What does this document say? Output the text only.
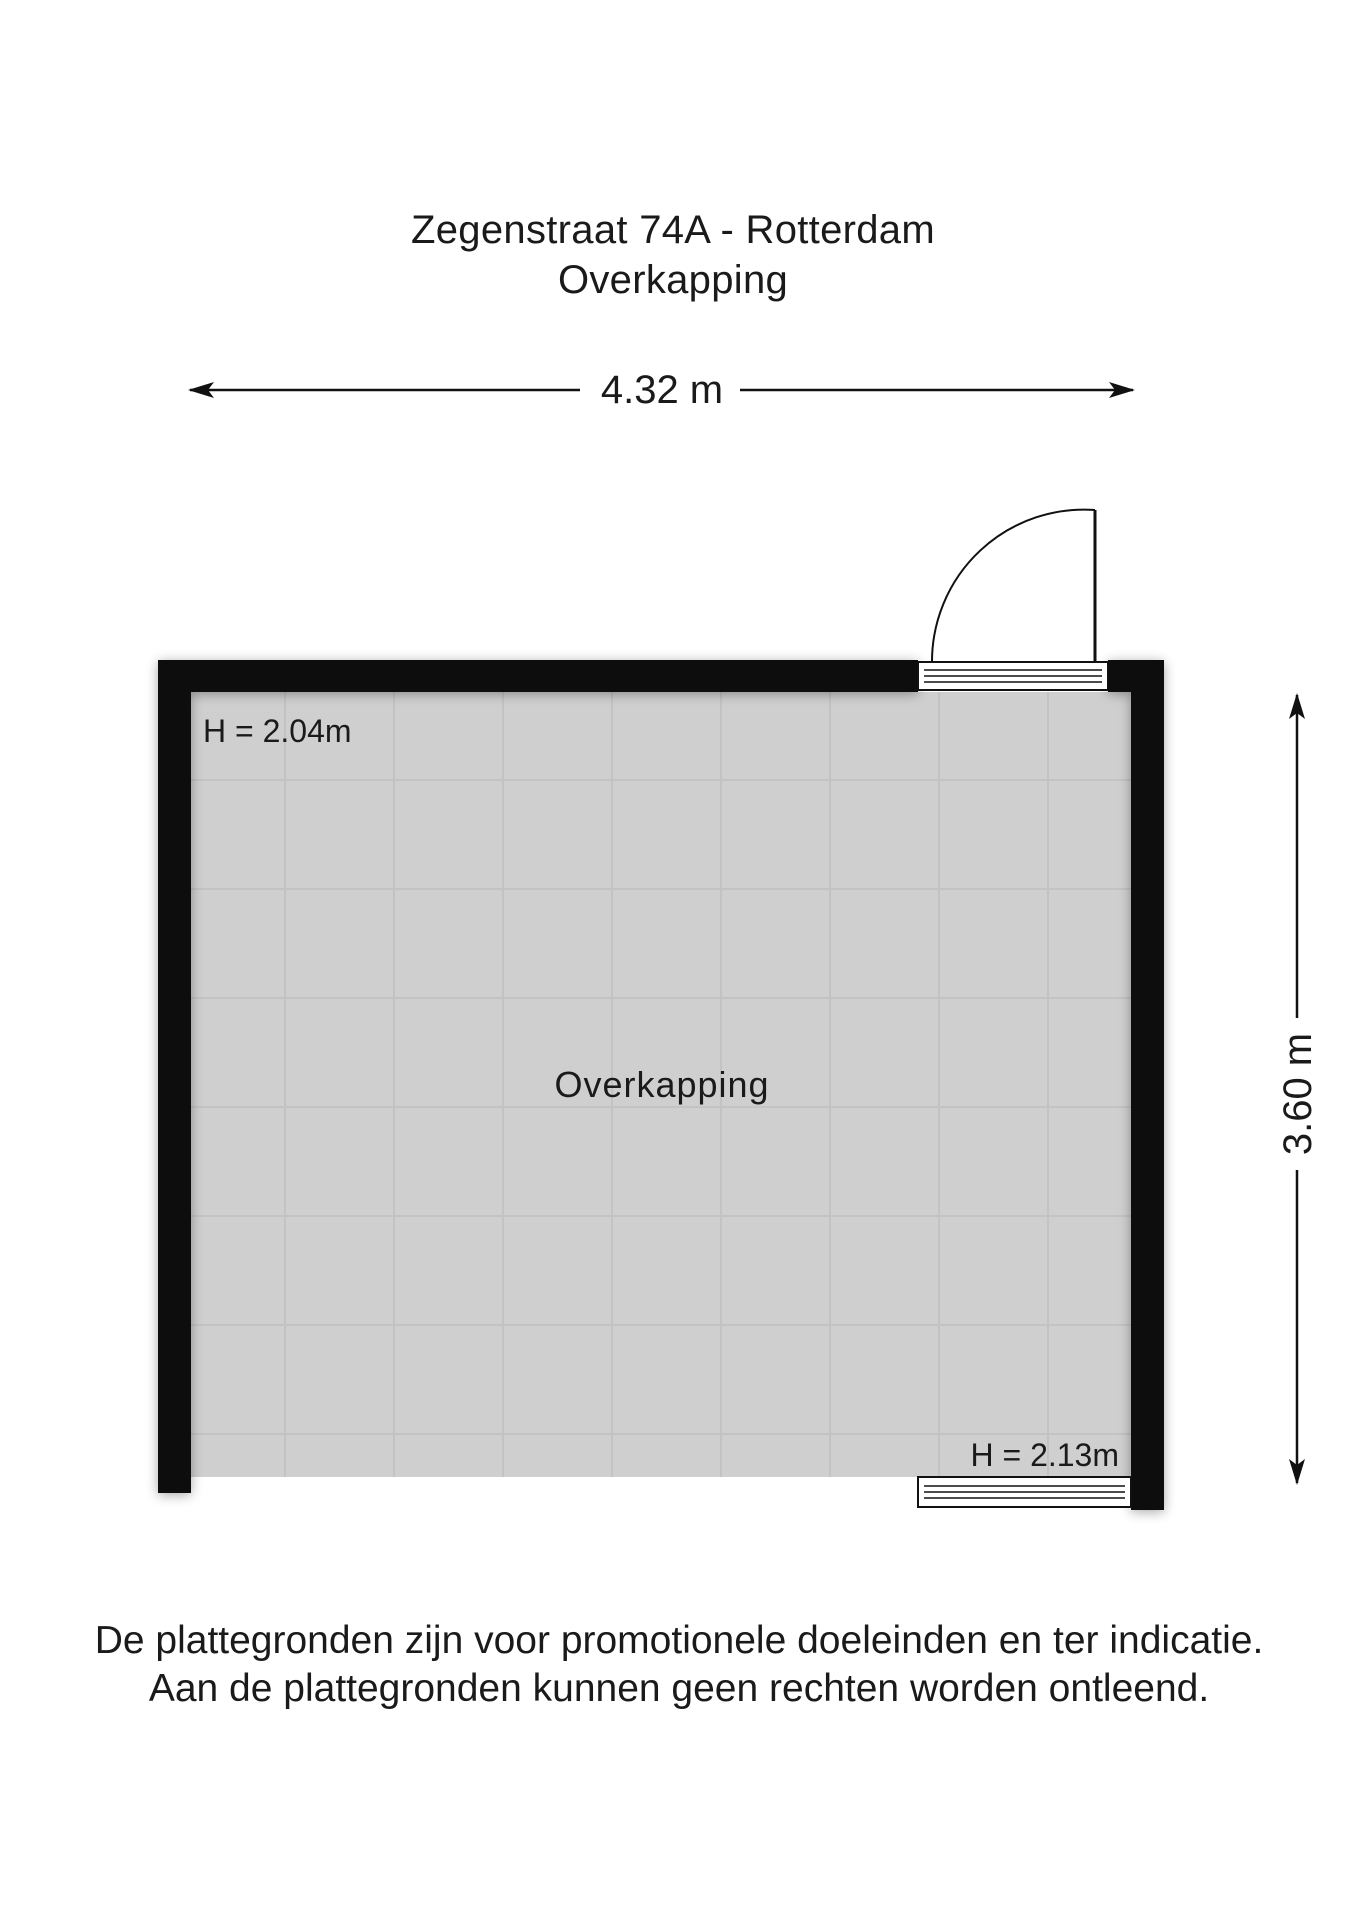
Zegenstraat 74A - Rotterdam
Overkapping
4.32 m
3.60 m
H = 2.04m
Overkapping
H = 2.13m
De plattegronden zijn voor promotionele doeleinden en ter indicatie.
Aan de plattegronden kunnen geen rechten worden ontleend.
